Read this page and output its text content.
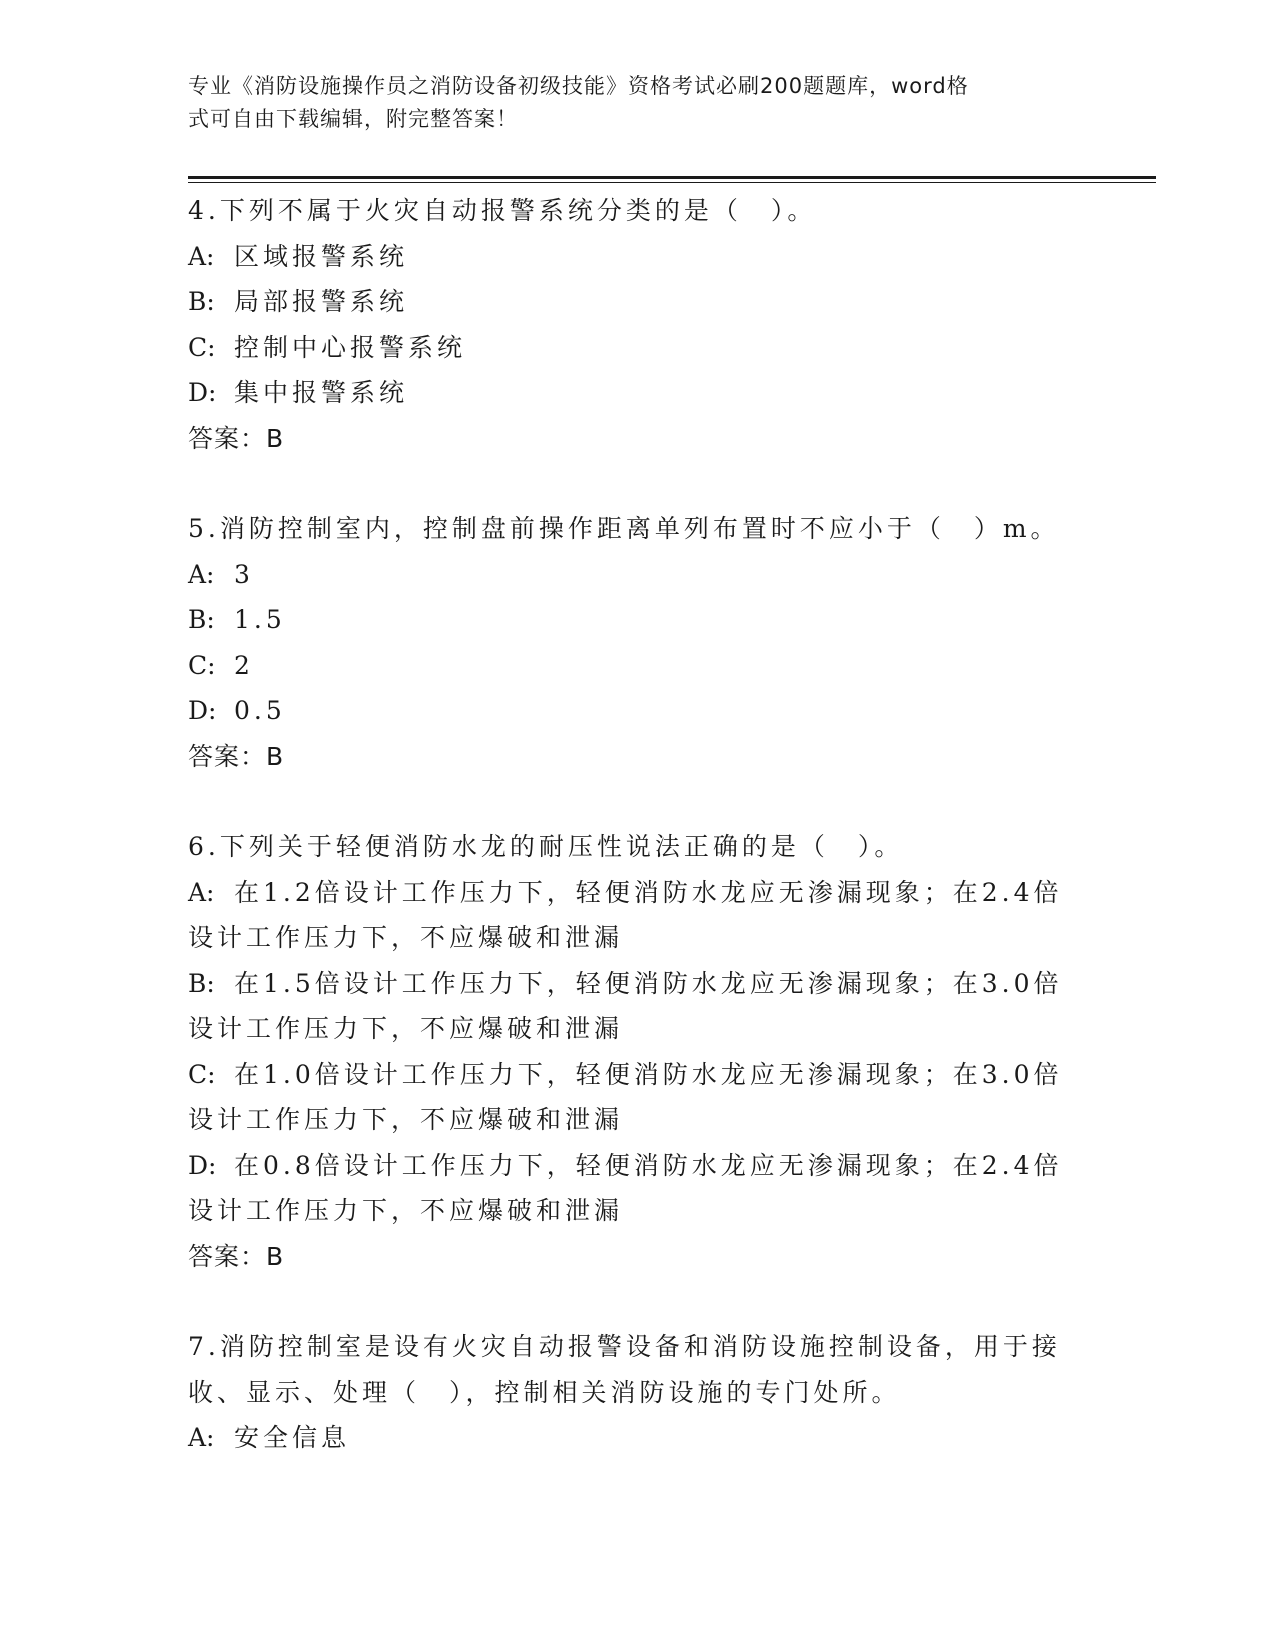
专业《消防设施操作员之消防设备初级技能》资格考试必刷200题题库，word格
式可自由下载编辑，附完整答案！

4.下列不属于火灾自动报警系统分类的是（　）。

A: 区域报警系统

B: 局部报警系统

C: 控制中心报警系统

D: 集中报警系统

答案：B

5.消防控制室内，控制盘前操作距离单列布置时不应小于（　）m。

A: 3

B: 1.5

C: 2

D: 0.5

答案：B

6.下列关于轻便消防水龙的耐压性说法正确的是（　）。

A: 在1.2倍设计工作压力下，轻便消防水龙应无渗漏现象；在2.4倍设计工作压力下，不应爆破和泄漏

B: 在1.5倍设计工作压力下，轻便消防水龙应无渗漏现象；在3.0倍设计工作压力下，不应爆破和泄漏

C: 在1.0倍设计工作压力下，轻便消防水龙应无渗漏现象；在3.0倍设计工作压力下，不应爆破和泄漏

D: 在0.8倍设计工作压力下，轻便消防水龙应无渗漏现象；在2.4倍设计工作压力下，不应爆破和泄漏

答案：B

7.消防控制室是设有火灾自动报警设备和消防设施控制设备，用于接收、显示、处理（　），控制相关消防设施的专门处所。

A: 安全信息
